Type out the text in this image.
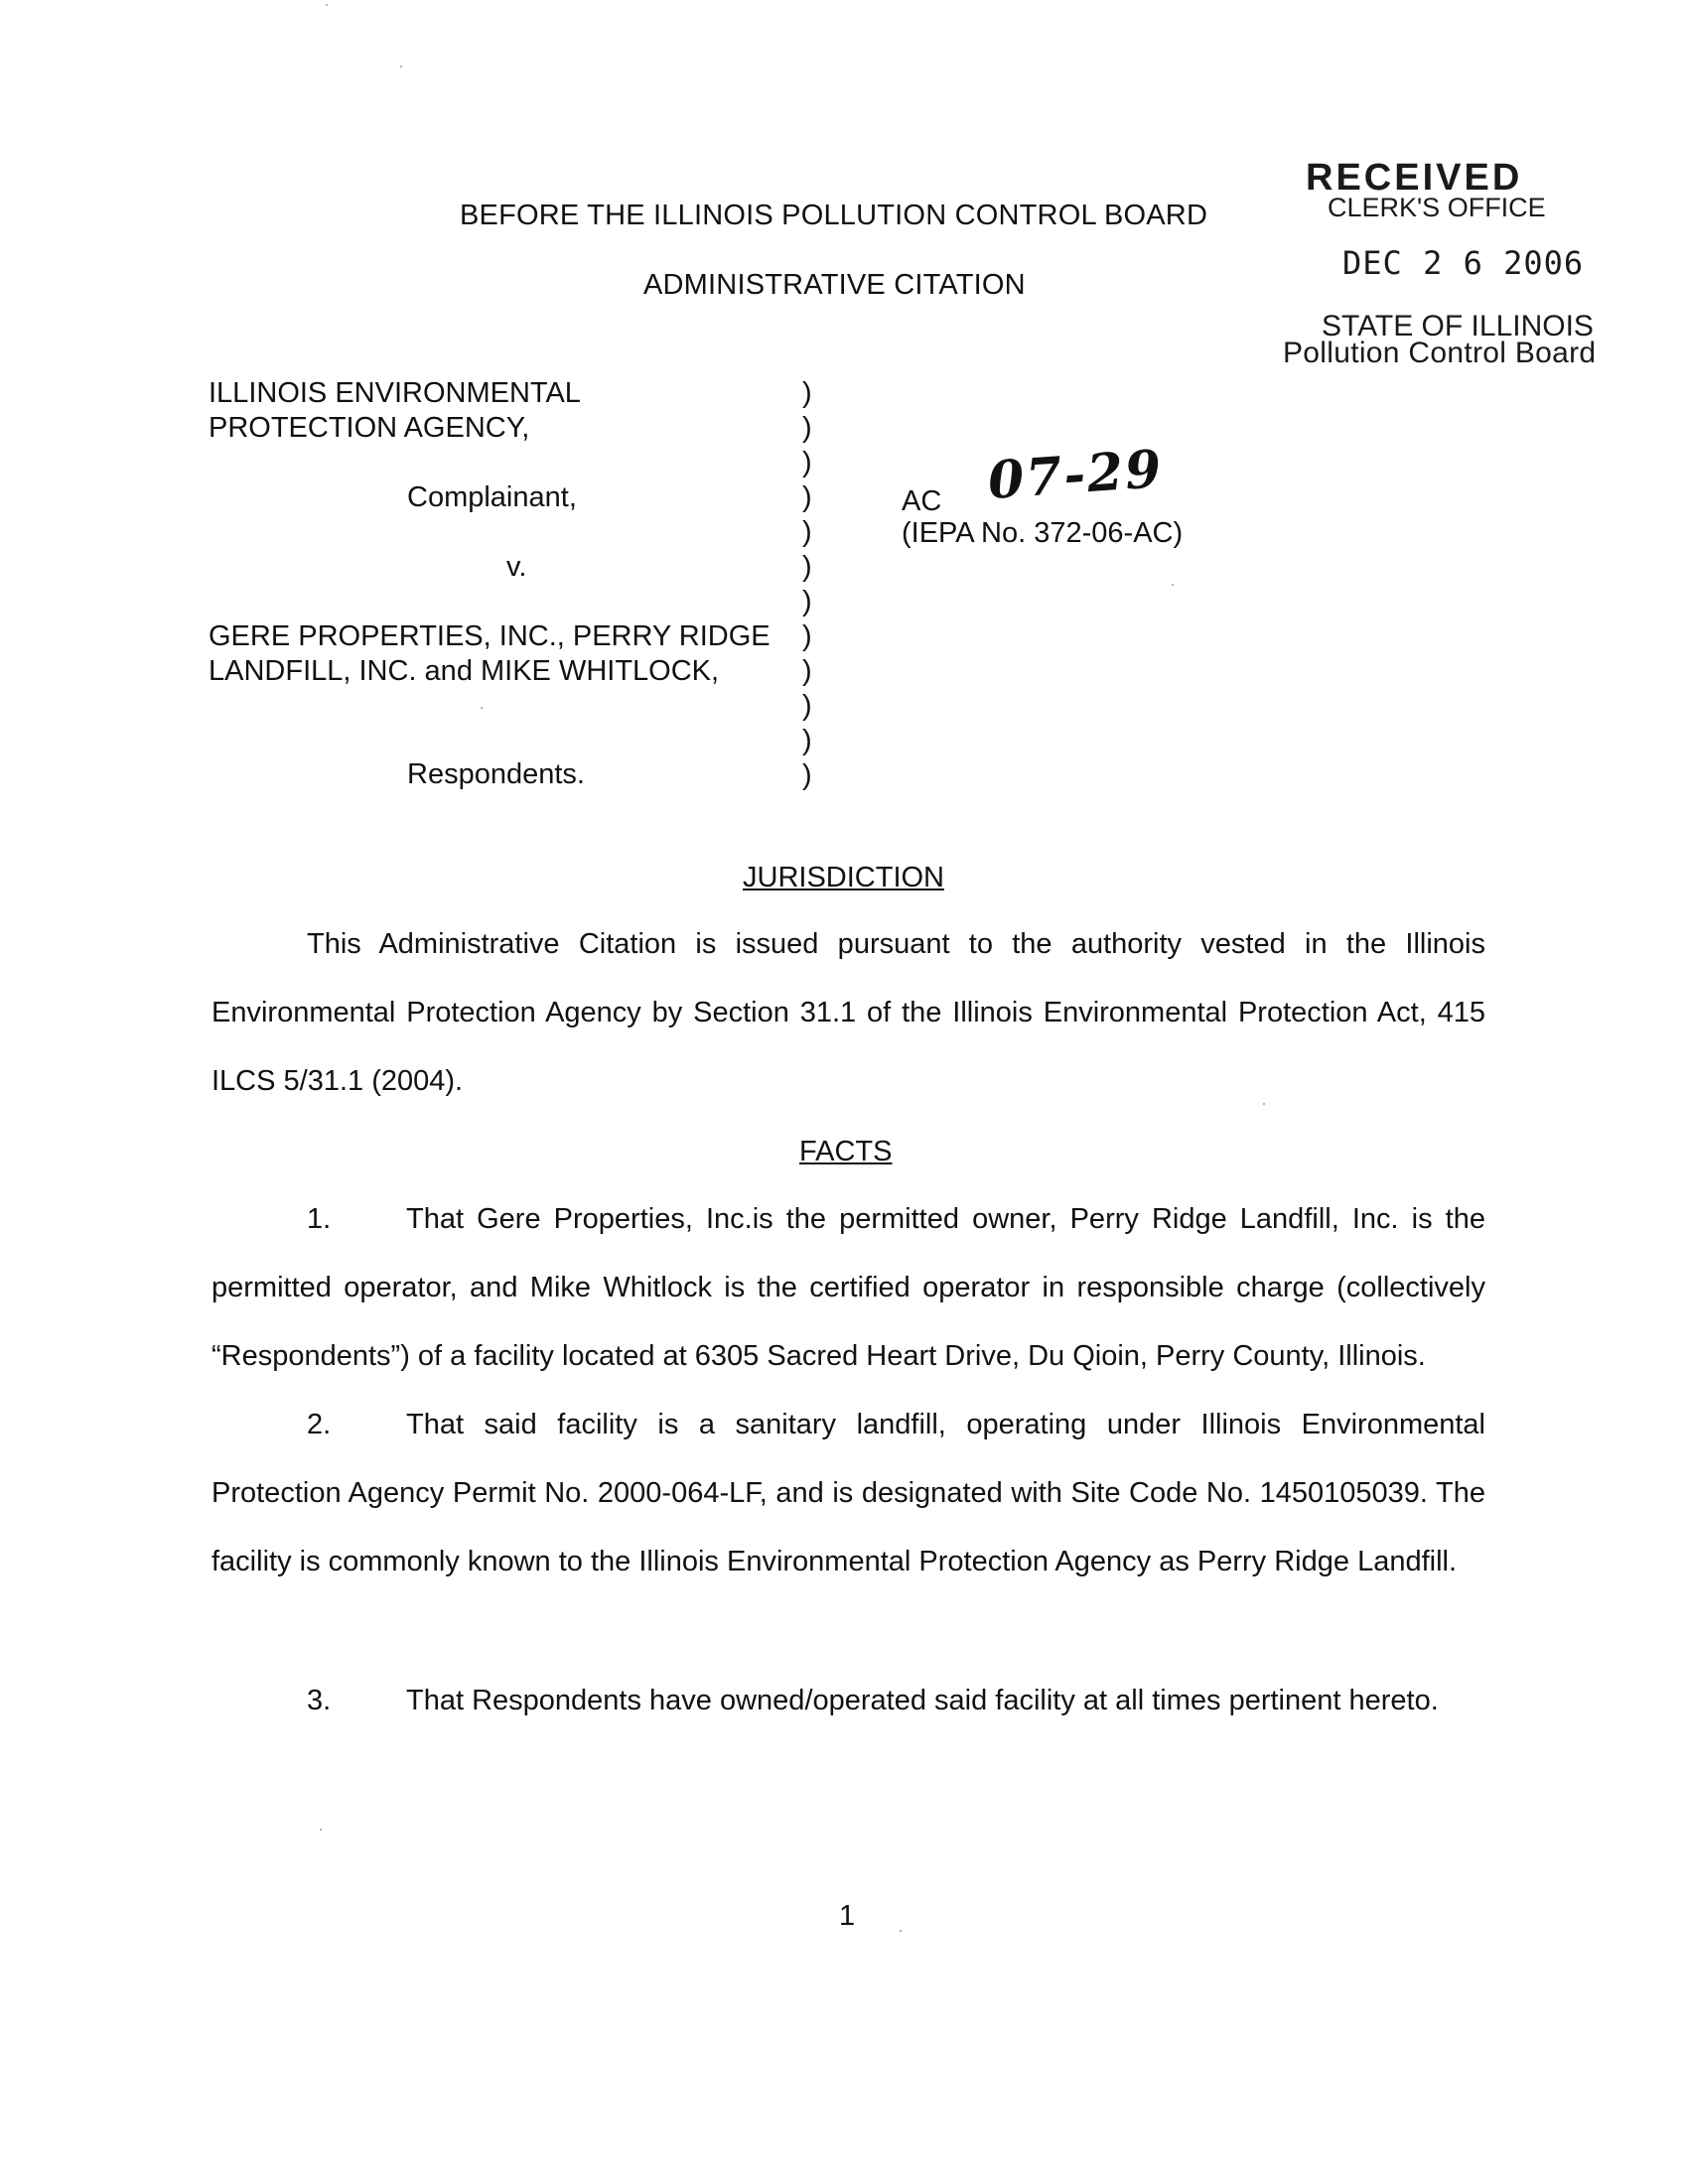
BEFORE THE ILLINOIS POLLUTION CONTROL BOARD
ADMINISTRATIVE CITATION
RECEIVED
CLERK'S OFFICE
DEC 2 6 2006
STATE OF ILLINOIS
Pollution Control Board
ILLINOIS ENVIRONMENTAL
PROTECTION AGENCY,
Complainant,
v.
GERE PROPERTIES, INC., PERRY RIDGE
LANDFILL, INC. and MIKE WHITLOCK,
Respondents.
)
)
)
)
)
)
)
)
)
)
)
)
AC 07-29
(IEPA No. 372-06-AC)
JURISDICTION

This Administrative Citation is issued pursuant to the authority vested in the Illinois Environmental Protection Agency by Section 31.1 of the Illinois Environmental Protection Act, 415 ILCS 5/31.1 (2004).

FACTS

1.	That Gere Properties, Inc.is the permitted owner, Perry Ridge Landfill, Inc. is the permitted operator, and Mike Whitlock is the certified operator in responsible charge (collectively “Respondents”) of a facility located at 6305 Sacred Heart Drive, Du Qioin, Perry County, Illinois.

2.	That said facility is a sanitary landfill, operating under Illinois Environmental Protection Agency Permit No. 2000-064-LF, and is designated with Site Code No. 1450105039. The facility is commonly known to the Illinois Environmental Protection Agency as Perry Ridge Landfill.

3.	That Respondents have owned/operated said facility at all times pertinent hereto.

1
